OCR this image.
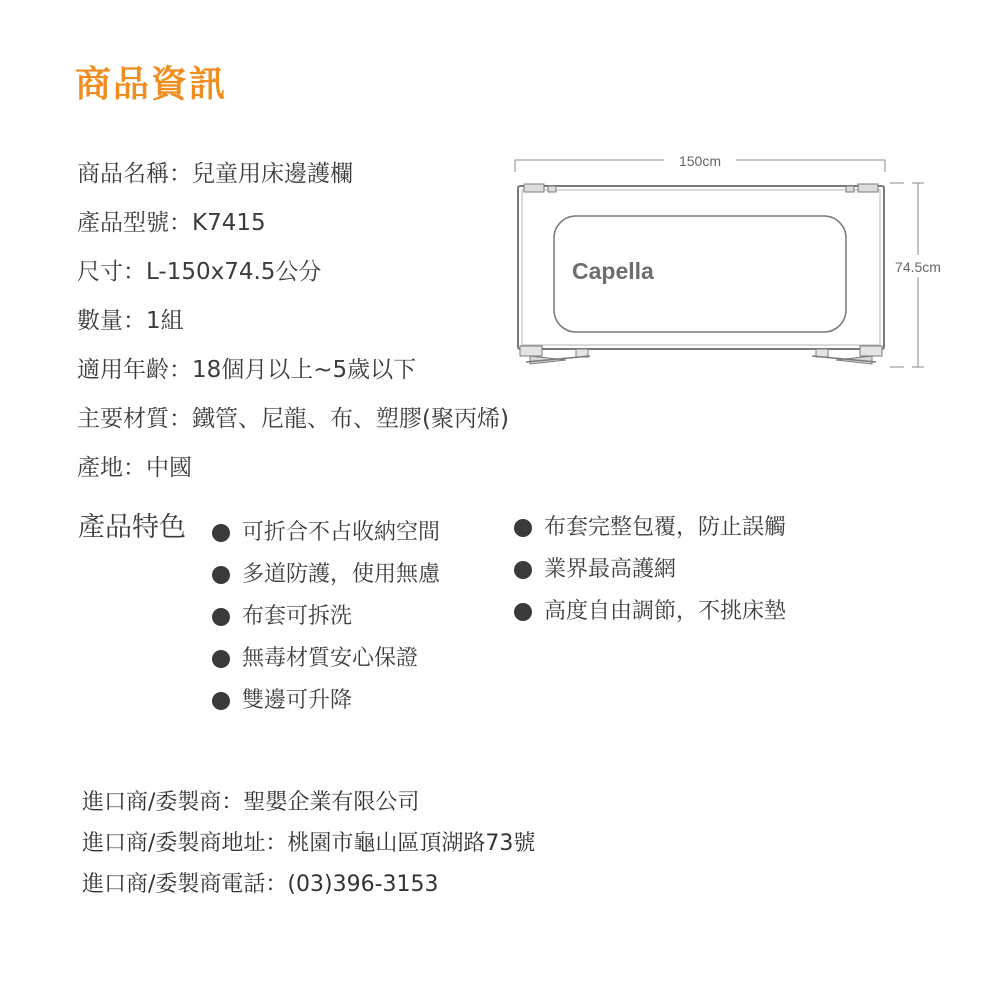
商品資訊
商品名稱：兒童用床邊護欄
產品型號：K7415
尺寸：L-150x74.5公分
數量：1組
適用年齡：18個月以上~5歲以下
主要材質：鐵管、尼龍、布、塑膠(聚丙烯)
產地：中國
150cm
74.5cm
Capella
產品特色	可折合不占收納空間
多道防護，使用無慮
布套可拆洗
無毒材質安心保證
雙邊可升降
布套完整包覆，防止誤觸
業界最高護網
高度自由調節，不挑床墊
進口商/委製商：聖嬰企業有限公司
進口商/委製商地址：桃園市龜山區頂湖路73號
進口商/委製商電話：(03)396-3153
